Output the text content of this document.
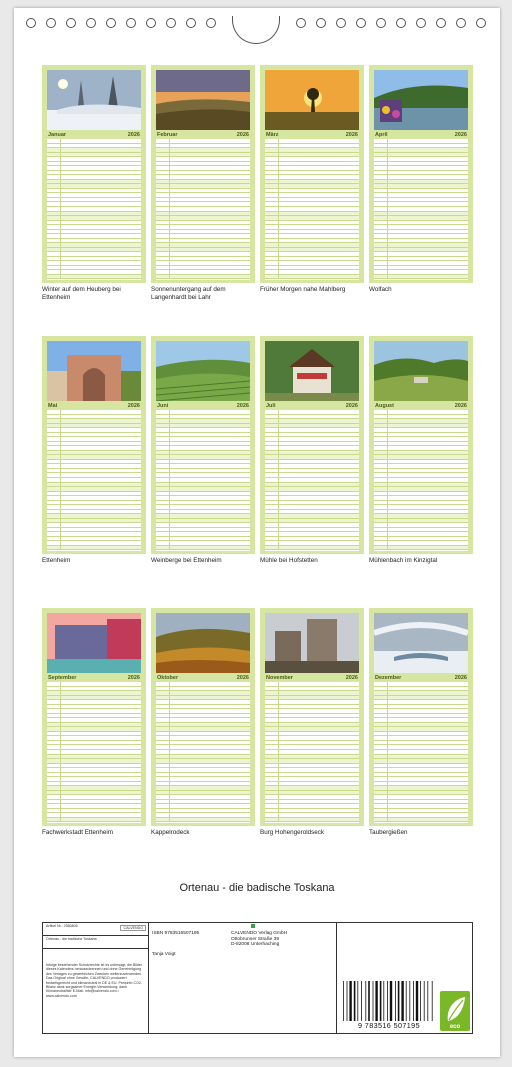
Januar	2026
Winter auf dem Heuberg bei Ettenheim
Februar	2026
Sonnenuntergang auf dem Langenhardt bei Lahr
März	2026
Früher Morgen nahe Mahlberg
April	2026
Wolfach
Mai	2026
Ettenheim
Juni	2026
Weinberge bei Ettenheim
Juli	2026
Mühle bei Hofstetten
August	2026
Mühlenbach im Kinzigtal
September	2026
Fachwerkstadt Ettenheim
Oktober	2026
Kappelrodeck
November	2026
Burg Hohengeroldseck
Dezember	2026
Taubergießen
Ortenau - die badische Toskana
Artikel Nr.: 2580806	CALVENDO
Ortenau - die badische Toskana
Infolge bestehender Schutzrechte ist es untersagt, die Bilder dieses Kalenders herauszutrennen und ohne Genehmigung des Verlages zu gewerblichen Zwecken weiterzuverwenden. Das Original ohne Gewähr. CALVENDO produziert bedarfsgerecht und klimaneutral in DE & EU. Preisinfo CO2-Bilanz dank sorgsamer Energie-Verwendung: dank Klimaneutralität: E-Mail: info@calvendo.com • www.calvendo.com
ISBN 9783516507195	CALVENDO Verlag GmbH
Ottobrunner Straße 39
D-82008 Unterhaching
Tanja Voigt
9 783516 507195	eco
